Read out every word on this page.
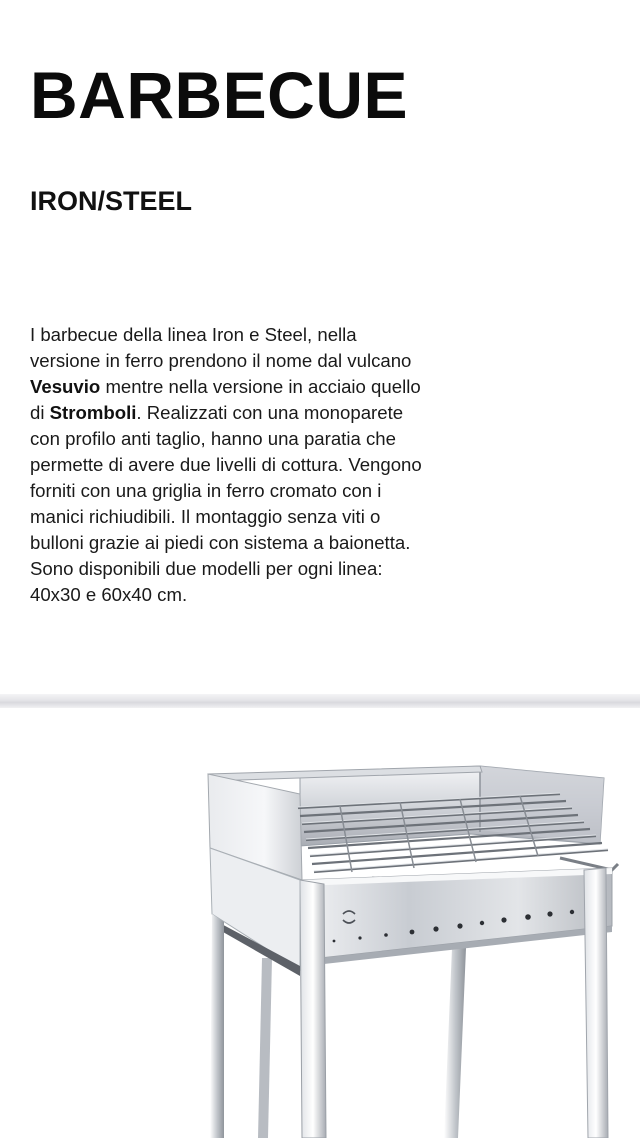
BARBECUE
IRON/STEEL

I barbecue della linea Iron e Steel, nella versione in ferro prendono il nome dal vulcano Vesuvio mentre nella versione in acciaio quello di Stromboli. Realizzati con una monoparete con profilo anti taglio, hanno una paratia che permette di avere due livelli di cottura. Vengono forniti con una griglia in ferro cromato con i manici richiudibili. Il montaggio senza viti o bulloni grazie ai piedi con sistema a baionetta.
Sono disponibili due modelli per ogni linea: 40x30 e 60x40 cm.
